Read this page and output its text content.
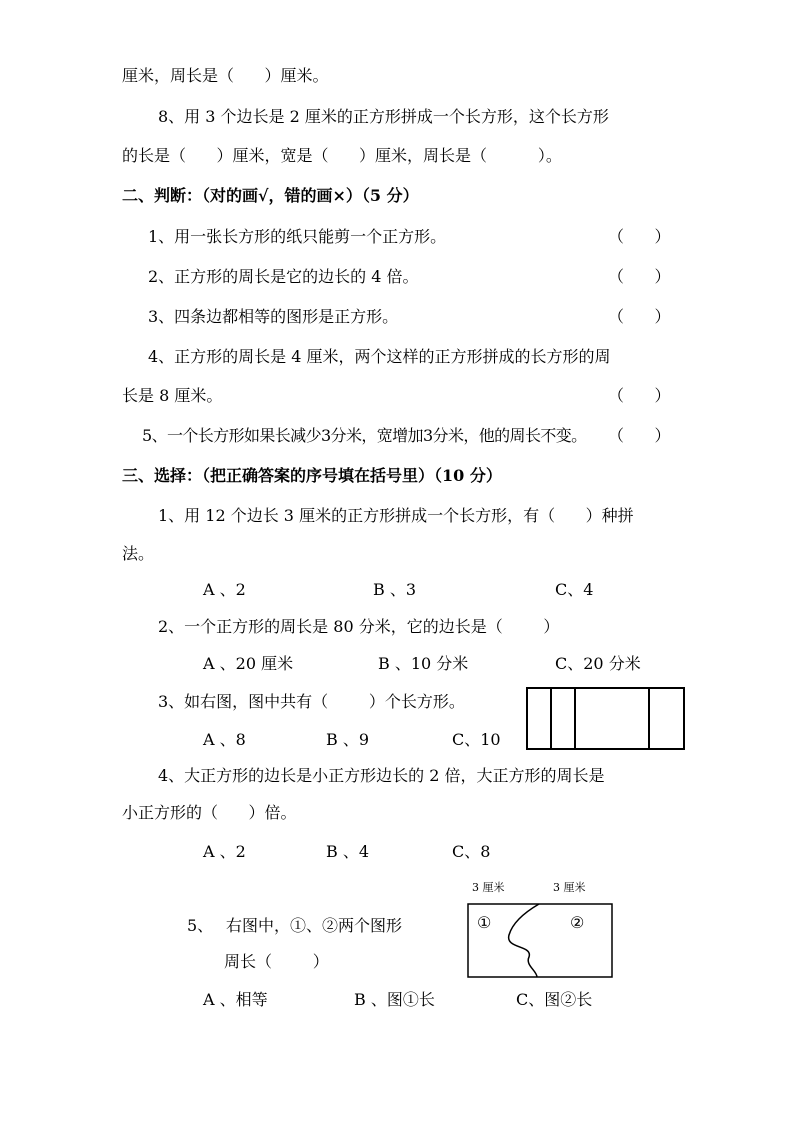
厘米，周长是（      ）厘米。
8、用 3 个边长是 2 厘米的正方形拼成一个长方形，这个长方形
的长是（      ）厘米，宽是（      ）厘米，周长是（          ）。
二、判断：（对的画√，错的画×）（5 分）
1、用一张长方形的纸只能剪一个正方形。	（      ）
2、正方形的周长是它的边长的 4 倍。	（      ）
3、四条边都相等的图形是正方形。	（      ）
4、正方形的周长是 4 厘米，两个这样的正方形拼成的长方形的周
长是 8 厘米。	（      ）
5、一个长方形如果长减少3分米，宽增加3分米，他的周长不变。 （      ）
三、选择：（把正确答案的序号填在括号里）（10 分）
1、用 12 个边长 3 厘米的正方形拼成一个长方形，有（      ）种拼
法。
A 、2	B 、3	C、4
2、一个正方形的周长是 80 分米，它的边长是（        ）
A 、20 厘米	B 、10 分米	C、20 分米
3、如右图，图中共有（        ）个长方形。
A 、8	B 、9	C、10
4、大正方形的边长是小正方形边长的 2 倍，大正方形的周长是
小正方形的（      ）倍。
A 、2	B 、4	C、8
3 厘米	3 厘米
5、 右图中，①、②两个图形
周长（        ）
①	②
A 、相等	B 、图①长	C、图②长
